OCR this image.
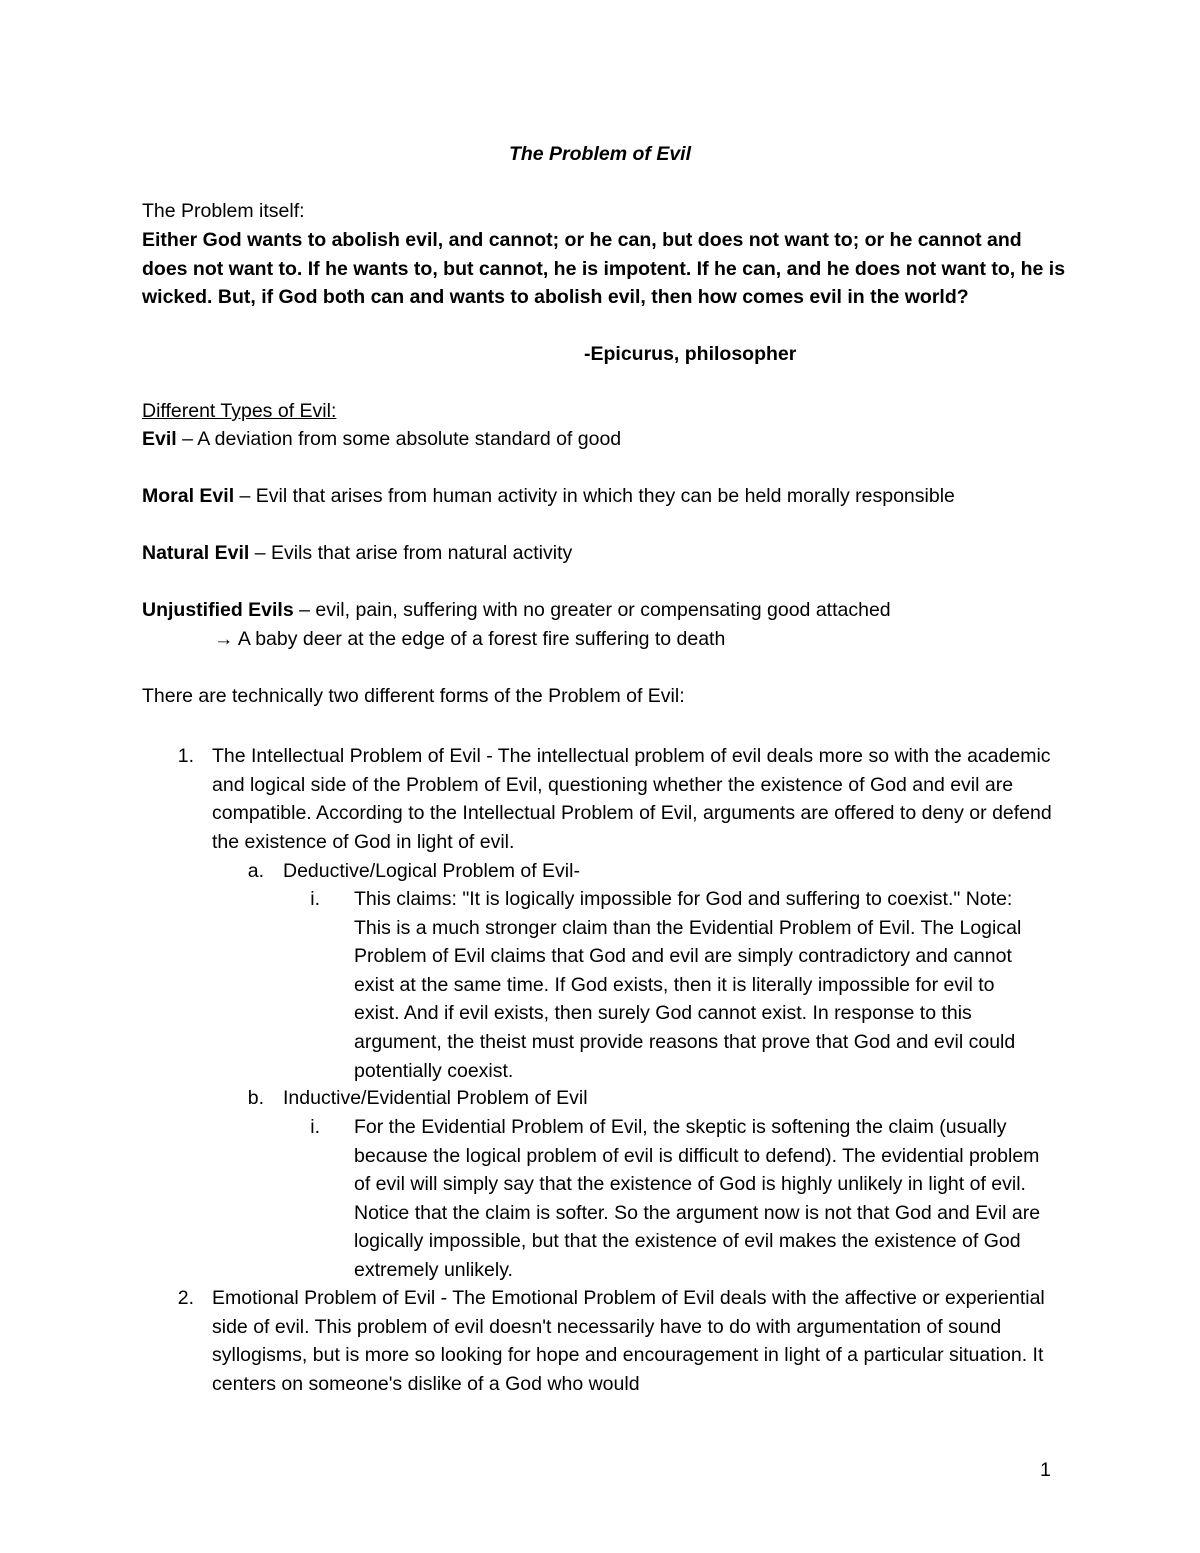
The Problem of Evil
The Problem itself:
Either God wants to abolish evil, and cannot; or he can, but does not want to; or he cannot and does not want to. If he wants to, but cannot, he is impotent. If he can, and he does not want to, he is wicked. But, if God both can and wants to abolish evil, then how comes evil in the world?
-Epicurus, philosopher
Different Types of Evil:
Evil – A deviation from some absolute standard of good
Moral Evil – Evil that arises from human activity in which they can be held morally responsible
Natural Evil – Evils that arise from natural activity
Unjustified Evils – evil, pain, suffering with no greater or compensating good attached
→ A baby deer at the edge of a forest fire suffering to death
There are technically two different forms of the Problem of Evil:
1. The Intellectual Problem of Evil - The intellectual problem of evil deals more so with the academic and logical side of the Problem of Evil, questioning whether the existence of God and evil are compatible. According to the Intellectual Problem of Evil, arguments are offered to deny or defend the existence of God in light of evil.
a. Deductive/Logical Problem of Evil-
i. This claims: "It is logically impossible for God and suffering to coexist." Note: This is a much stronger claim than the Evidential Problem of Evil. The Logical Problem of Evil claims that God and evil are simply contradictory and cannot exist at the same time. If God exists, then it is literally impossible for evil to exist. And if evil exists, then surely God cannot exist. In response to this argument, the theist must provide reasons that prove that God and evil could potentially coexist.
b. Inductive/Evidential Problem of Evil
i. For the Evidential Problem of Evil, the skeptic is softening the claim (usually because the logical problem of evil is difficult to defend). The evidential problem of evil will simply say that the existence of God is highly unlikely in light of evil. Notice that the claim is softer. So the argument now is not that God and Evil are logically impossible, but that the existence of evil makes the existence of God extremely unlikely.
2. Emotional Problem of Evil - The Emotional Problem of Evil deals with the affective or experiential side of evil. This problem of evil doesn't necessarily have to do with argumentation of sound syllogisms, but is more so looking for hope and encouragement in light of a particular situation. It centers on someone's dislike of a God who would
1
